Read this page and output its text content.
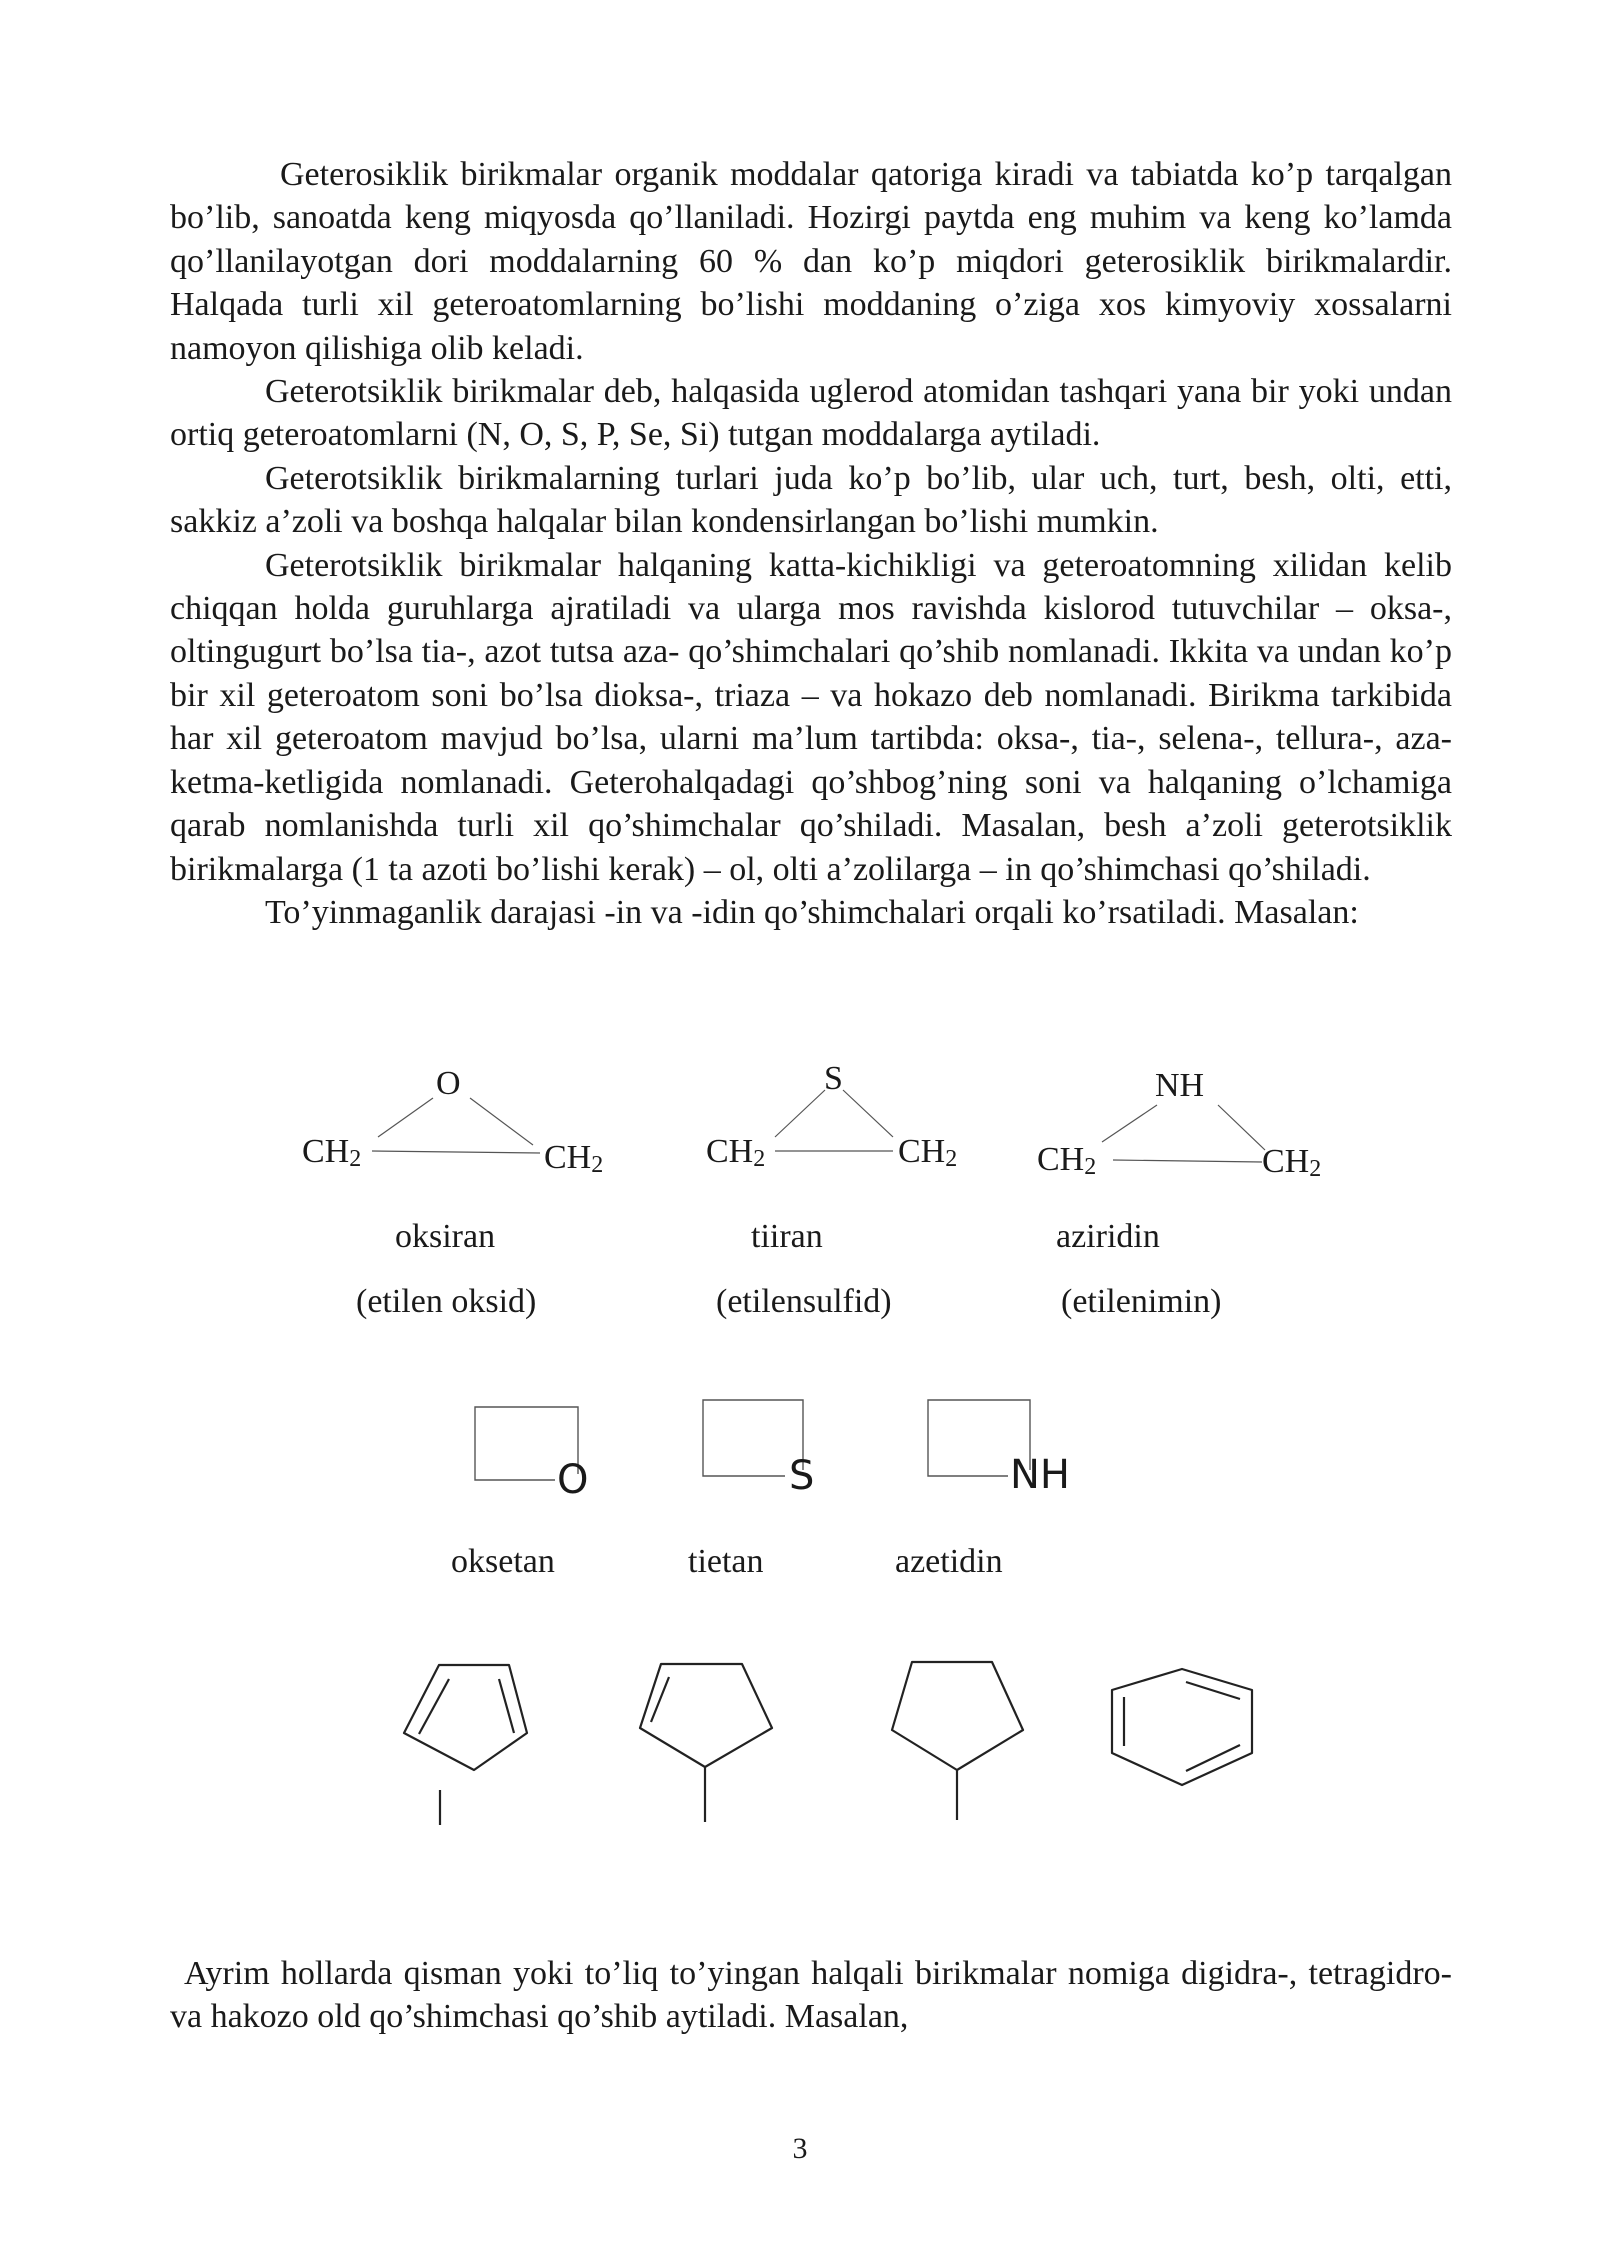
Geterosiklik birikmalar organik moddalar qatoriga kiradi va tabiatda ko’p tarqalgan bo’lib, sanoatda keng miqyosda qo’llaniladi. Hozirgi paytda eng muhim va keng ko’lamda qo’llanilayotgan dori moddalarning 60 % dan ko’p miqdori geterosiklik birikmalardir. Halqada turli xil geteroatomlarning bo’lishi moddaning o’ziga xos kimyoviy xossalarni namoyon qilishiga olib keladi.

Geterotsiklik birikmalar deb, halqasida uglerod atomidan tashqari yana bir yoki undan ortiq geteroatomlarni (N, O, S, P, Se, Si) tutgan moddalarga aytiladi.

Geterotsiklik birikmalarning turlari juda ko’p bo’lib, ular uch, turt, besh, olti, etti, sakkiz a’zoli va boshqa halqalar bilan kondensirlangan bo’lishi mumkin.

Geterotsiklik birikmalar halqaning katta-kichikligi va geteroatomning xilidan kelib chiqqan holda guruhlarga ajratiladi va ularga mos ravishda kislorod tutuvchilar – oksa-, oltingugurt bo’lsa tia-, azot tutsa aza- qo’shimchalari qo’shib nomlanadi. Ikkita va undan ko’p bir xil geteroatom soni bo’lsa dioksa-, triaza – va hokazo deb nomlanadi. Birikma tarkibida har xil geteroatom mavjud bo’lsa, ularni ma’lum tartibda: oksa-, tia-, selena-, tellura-, aza- ketma-ketligida nomlanadi. Geterohalqadagi qo’shbog’ning soni va halqaning o’lchamiga qarab nomlanishda turli xil qo’shimchalar qo’shiladi. Masalan, besh a’zoli geterotsiklik birikmalarga (1 ta azoti bo’lishi kerak) – ol, olti a’zolilarga – in qo’shimchasi qo’shiladi.

To’yinmaganlik darajasi -in va -idin qo’shimchalari orqali ko’rsatiladi. Masalan:

O
$CH_2$	$CH_2$
S
$CH_2$	$CH_2$
NH
$CH_2$	$CH_2$
oksiran	tiiran	aziridin
(etilen oksid)	(etilensulfid)	(etilenimin)
O	S	NH
oksetan	tietan	azetidin

Ayrim hollarda qisman yoki to’liq to’yingan halqali birikmalar nomiga digidra-, tetragidro- va hakozo old qo’shimchasi qo’shib aytiladi. Masalan,

3
